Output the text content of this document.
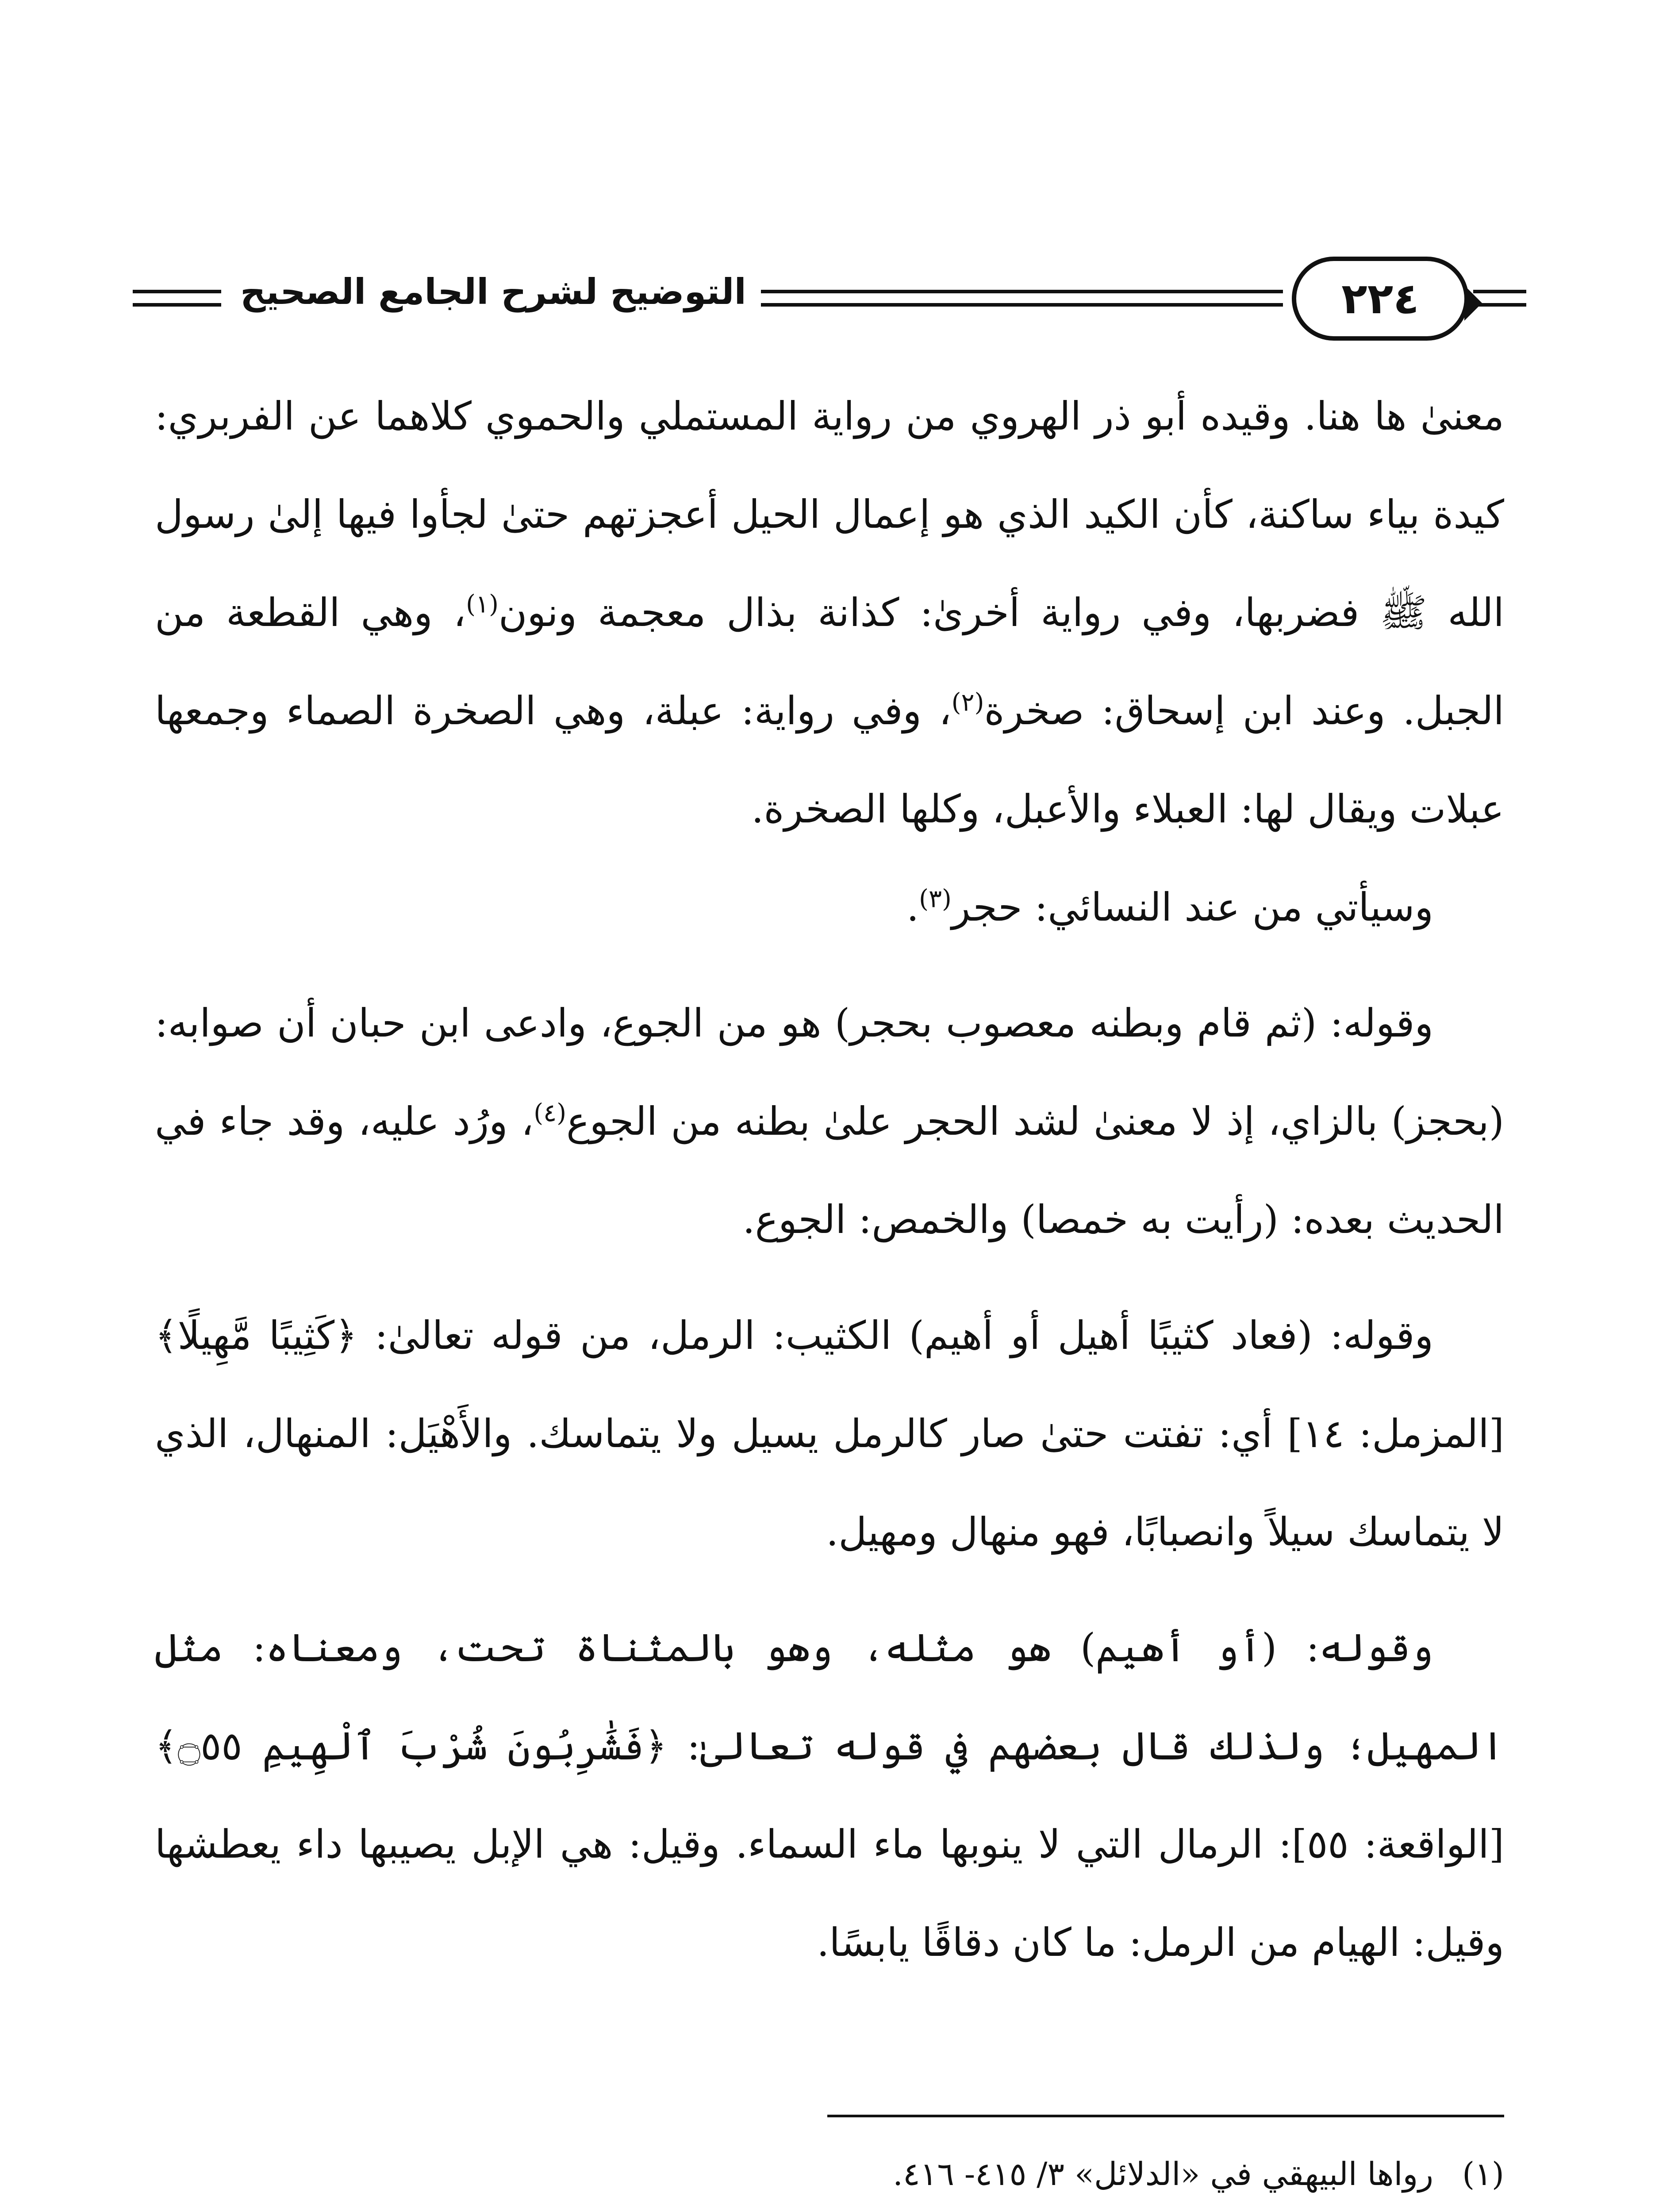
التوضيح لشرح الجامع الصحيح	٢٢٤

معنىٰ ها هنا. وقيده أبو ذر الهروي من رواية المستملي والحموي كلاهما عن الفربري: كيدة بياء ساكنة، كأن الكيد الذي هو إعمال الحيل أعجزتهم حتىٰ لجأوا فيها إلىٰ رسول الله ﷺ فضربها، وفي رواية أخرىٰ: كذانة بذال معجمة ونون$^{(١)}$، وهي القطعة من الجبل. وعند ابن إسحاق: صخرة$^{(٢)}$، وفي رواية: عبلة، وهي الصخرة الصماء وجمعها عبلات ويقال لها: العبلاء والأعبل، وكلها الصخرة.

وسيأتي من عند النسائي: حجر$^{(٣)}$.

وقوله: (ثم قام وبطنه معصوب بحجر) هو من الجوع، وادعى ابن حبان أن صوابه: (بحجز) بالزاي، إذ لا معنىٰ لشد الحجر علىٰ بطنه من الجوع$^{(٤)}$، ورُد عليه، وقد جاء في الحديث بعده: (رأيت به خمصا) والخمص: الجوع.

وقوله: (فعاد كثيبًا أهيل أو أهيم) الكثيب: الرمل، من قوله تعالىٰ: ﴿كَثِيبًا مَّهِيلًا﴾ [المزمل: ١٤] أي: تفتت حتىٰ صار كالرمل يسيل ولا يتماسك. والأَهْيَل: المنهال، الذي لا يتماسك سيلاً وانصبابًا، فهو منهال ومهيل.

وقوله: (أو أهيم) هو مثله، وهو بالمثناة تحت، ومعناه: مثل المهيل؛ ولذلك قال بعضهم في قوله تعالىٰ: ﴿فَشَٰرِبُونَ شُرْبَ ٱلْهِيمِ ۝٥٥﴾ [الواقعة: ٥٥]: الرمال التي لا ينوبها ماء السماء. وقيل: هي الإبل يصيبها داء يعطشها وقيل: الهيام من الرمل: ما كان دقاقًا يابسًا.

(١)
رواها البيهقي في «الدلائل» ٣/ ٤١٥- ٤١٦.
